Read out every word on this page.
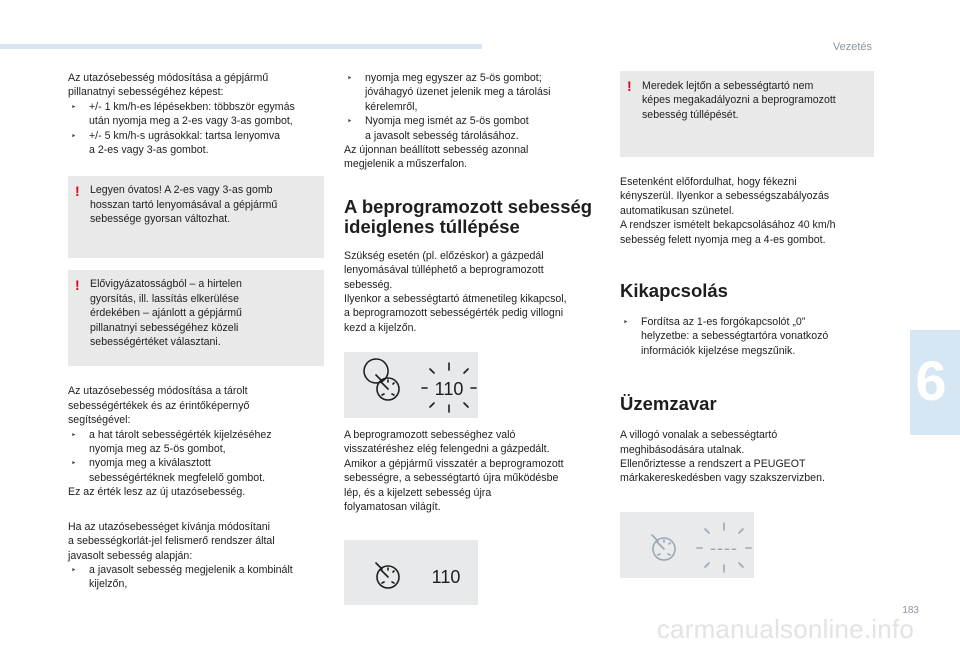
Vezetés
6
183
carmanualsonline.info
Az utazósebesség módosítása a gépjármű
pillanatnyi sebességéhez képest:
‣ +/- 1 km/h-es lépésekben: többször egymás
után nyomja meg a 2-es vagy 3-as gombot,
‣ +/- 5 km/h-s ugrásokkal: tartsa lenyomva
a 2-es vagy 3-as gombot.
! Legyen óvatos! A 2-es vagy 3-as gomb
hosszan tartó lenyomásával a gépjármű
sebessége gyorsan változhat.
! Elővigyázatosságból – a hirtelen
gyorsítás, ill. lassítás elkerülése
érdekében – ajánlott a gépjármű
pillanatnyi sebességéhez közeli
sebességértéket választani.
Az utazósebesség módosítása a tárolt
sebességértékek és az érintőképernyő
segítségével:
‣ a hat tárolt sebességérték kijelzéséhez
nyomja meg az 5-ös gombot,
‣ nyomja meg a kiválasztott
sebességértéknek megfelelő gombot.
Ez az érték lesz az új utazósebesség.
Ha az utazósebességet kívánja módosítani
a sebességkorlát-jel felismerő rendszer által
javasolt sebesség alapján:
‣ a javasolt sebesség megjelenik a kombinált
kijelzőn,
‣ nyomja meg egyszer az 5-ös gombot;
jóváhagyó üzenet jelenik meg a tárolási
kérelemről,
‣ Nyomja meg ismét az 5-ös gombot
a javasolt sebesség tárolásához.
Az újonnan beállított sebesség azonnal
megjelenik a műszerfalon.
A beprogramozott sebesség
ideiglenes túllépése
Szükség esetén (pl. előzéskor) a gázpedál
lenyomásával túlléphető a beprogramozott
sebesség.
Ilyenkor a sebességtartó átmenetileg kikapcsol,
a beprogramozott sebességérték pedig villogni
kezd a kijelzőn.
110
A beprogramozott sebességhez való
visszatéréshez elég felengedni a gázpedált.
Amikor a gépjármű visszatér a beprogramozott
sebességre, a sebességtartó újra működésbe
lép, és a kijelzett sebesség újra
folyamatosan világít.
110
! Meredek lejtőn a sebességtartó nem
képes megakadályozni a beprogramozott
sebesség túllépését.
Esetenként előfordulhat, hogy fékezni
kényszerül. Ilyenkor a sebességszabályozás
automatikusan szünetel.
A rendszer ismételt bekapcsolásához 40 km/h
sebesség felett nyomja meg a 4-es gombot.
Kikapcsolás
‣ Fordítsa az 1-es forgókapcsolót „0”
helyzetbe: a sebességtartóra vonatkozó
információk kijelzése megszűnik.
Üzemzavar
A villogó vonalak a sebességtartó
meghibásodására utalnak.
Ellenőriztesse a rendszert a PEUGEOT
márkakereskedésben vagy szakszervizben.
----
